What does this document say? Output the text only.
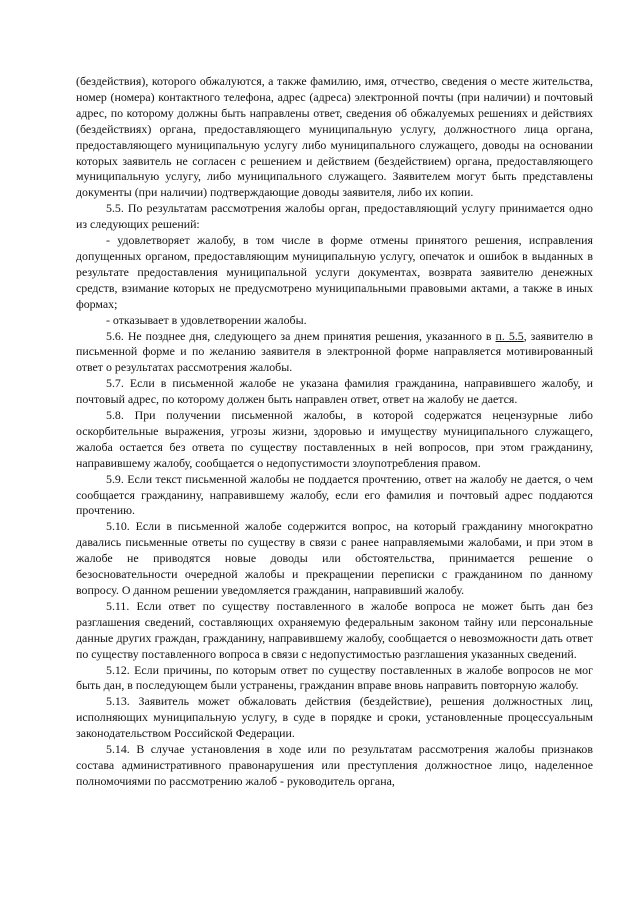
(бездействия), которого обжалуются, а также фамилию, имя, отчество, сведения о месте жительства, номер (номера) контактного телефона, адрес (адреса) электронной почты (при наличии) и почтовый адрес, по которому должны быть направлены ответ, сведения об обжалуемых решениях и действиях (бездействиях) органа, предоставляющего муниципальную услугу, должностного лица органа, предоставляющего муниципальную услугу либо муниципального служащего, доводы на основании которых заявитель не согласен с решением и действием (бездействием) органа, предоставляющего муниципальную услугу, либо муниципального служащего. Заявителем могут быть представлены документы (при наличии) подтверждающие доводы заявителя, либо их копии.

5.5. По результатам рассмотрения жалобы орган, предоставляющий услугу принимается одно из следующих решений:

- удовлетворяет жалобу, в том числе в форме отмены принятого решения, исправления допущенных органом, предоставляющим муниципальную услугу, опечаток и ошибок в выданных в результате предоставления муниципальной услуги документах, возврата заявителю денежных средств, взимание которых не предусмотрено муниципальными правовыми актами, а также в иных формах;

- отказывает в удовлетворении жалобы.

5.6. Не позднее дня, следующего за днем принятия решения, указанного в п. 5.5, заявителю в письменной форме и по желанию заявителя в электронной форме направляется мотивированный ответ о результатах рассмотрения жалобы.

5.7. Если в письменной жалобе не указана фамилия гражданина, направившего жалобу, и почтовый адрес, по которому должен быть направлен ответ, ответ на жалобу не дается.

5.8. При получении письменной жалобы, в которой содержатся нецензурные либо оскорбительные выражения, угрозы жизни, здоровью и имуществу муниципального служащего, жалоба остается без ответа по существу поставленных в ней вопросов, при этом гражданину, направившему жалобу, сообщается о недопустимости злоупотребления правом.

5.9. Если текст письменной жалобы не поддается прочтению, ответ на жалобу не дается, о чем сообщается гражданину, направившему жалобу, если его фамилия и почтовый адрес поддаются прочтению.

5.10. Если в письменной жалобе содержится вопрос, на который гражданину многократно давались письменные ответы по существу в связи с ранее направляемыми жалобами, и при этом в жалобе не приводятся новые доводы или обстоятельства, принимается решение о безосновательности очередной жалобы и прекращении переписки с гражданином по данному вопросу. О данном решении уведомляется гражданин, направивший жалобу.

5.11. Если ответ по существу поставленного в жалобе вопроса не может быть дан без разглашения сведений, составляющих охраняемую федеральным законом тайну или персональные данные других граждан, гражданину, направившему жалобу, сообщается о невозможности дать ответ по существу поставленного вопроса в связи с недопустимостью разглашения указанных сведений.

5.12. Если причины, по которым ответ по существу поставленных в жалобе вопросов не мог быть дан, в последующем были устранены, гражданин вправе вновь направить повторную жалобу.

5.13. Заявитель может обжаловать действия (бездействие), решения должностных лиц, исполняющих муниципальную услугу, в суде в порядке и сроки, установленные процессуальным законодательством Российской Федерации.

5.14. В случае установления в ходе или по результатам рассмотрения жалобы признаков состава административного правонарушения или преступления должностное лицо, наделенное полномочиями по рассмотрению жалоб - руководитель органа,
